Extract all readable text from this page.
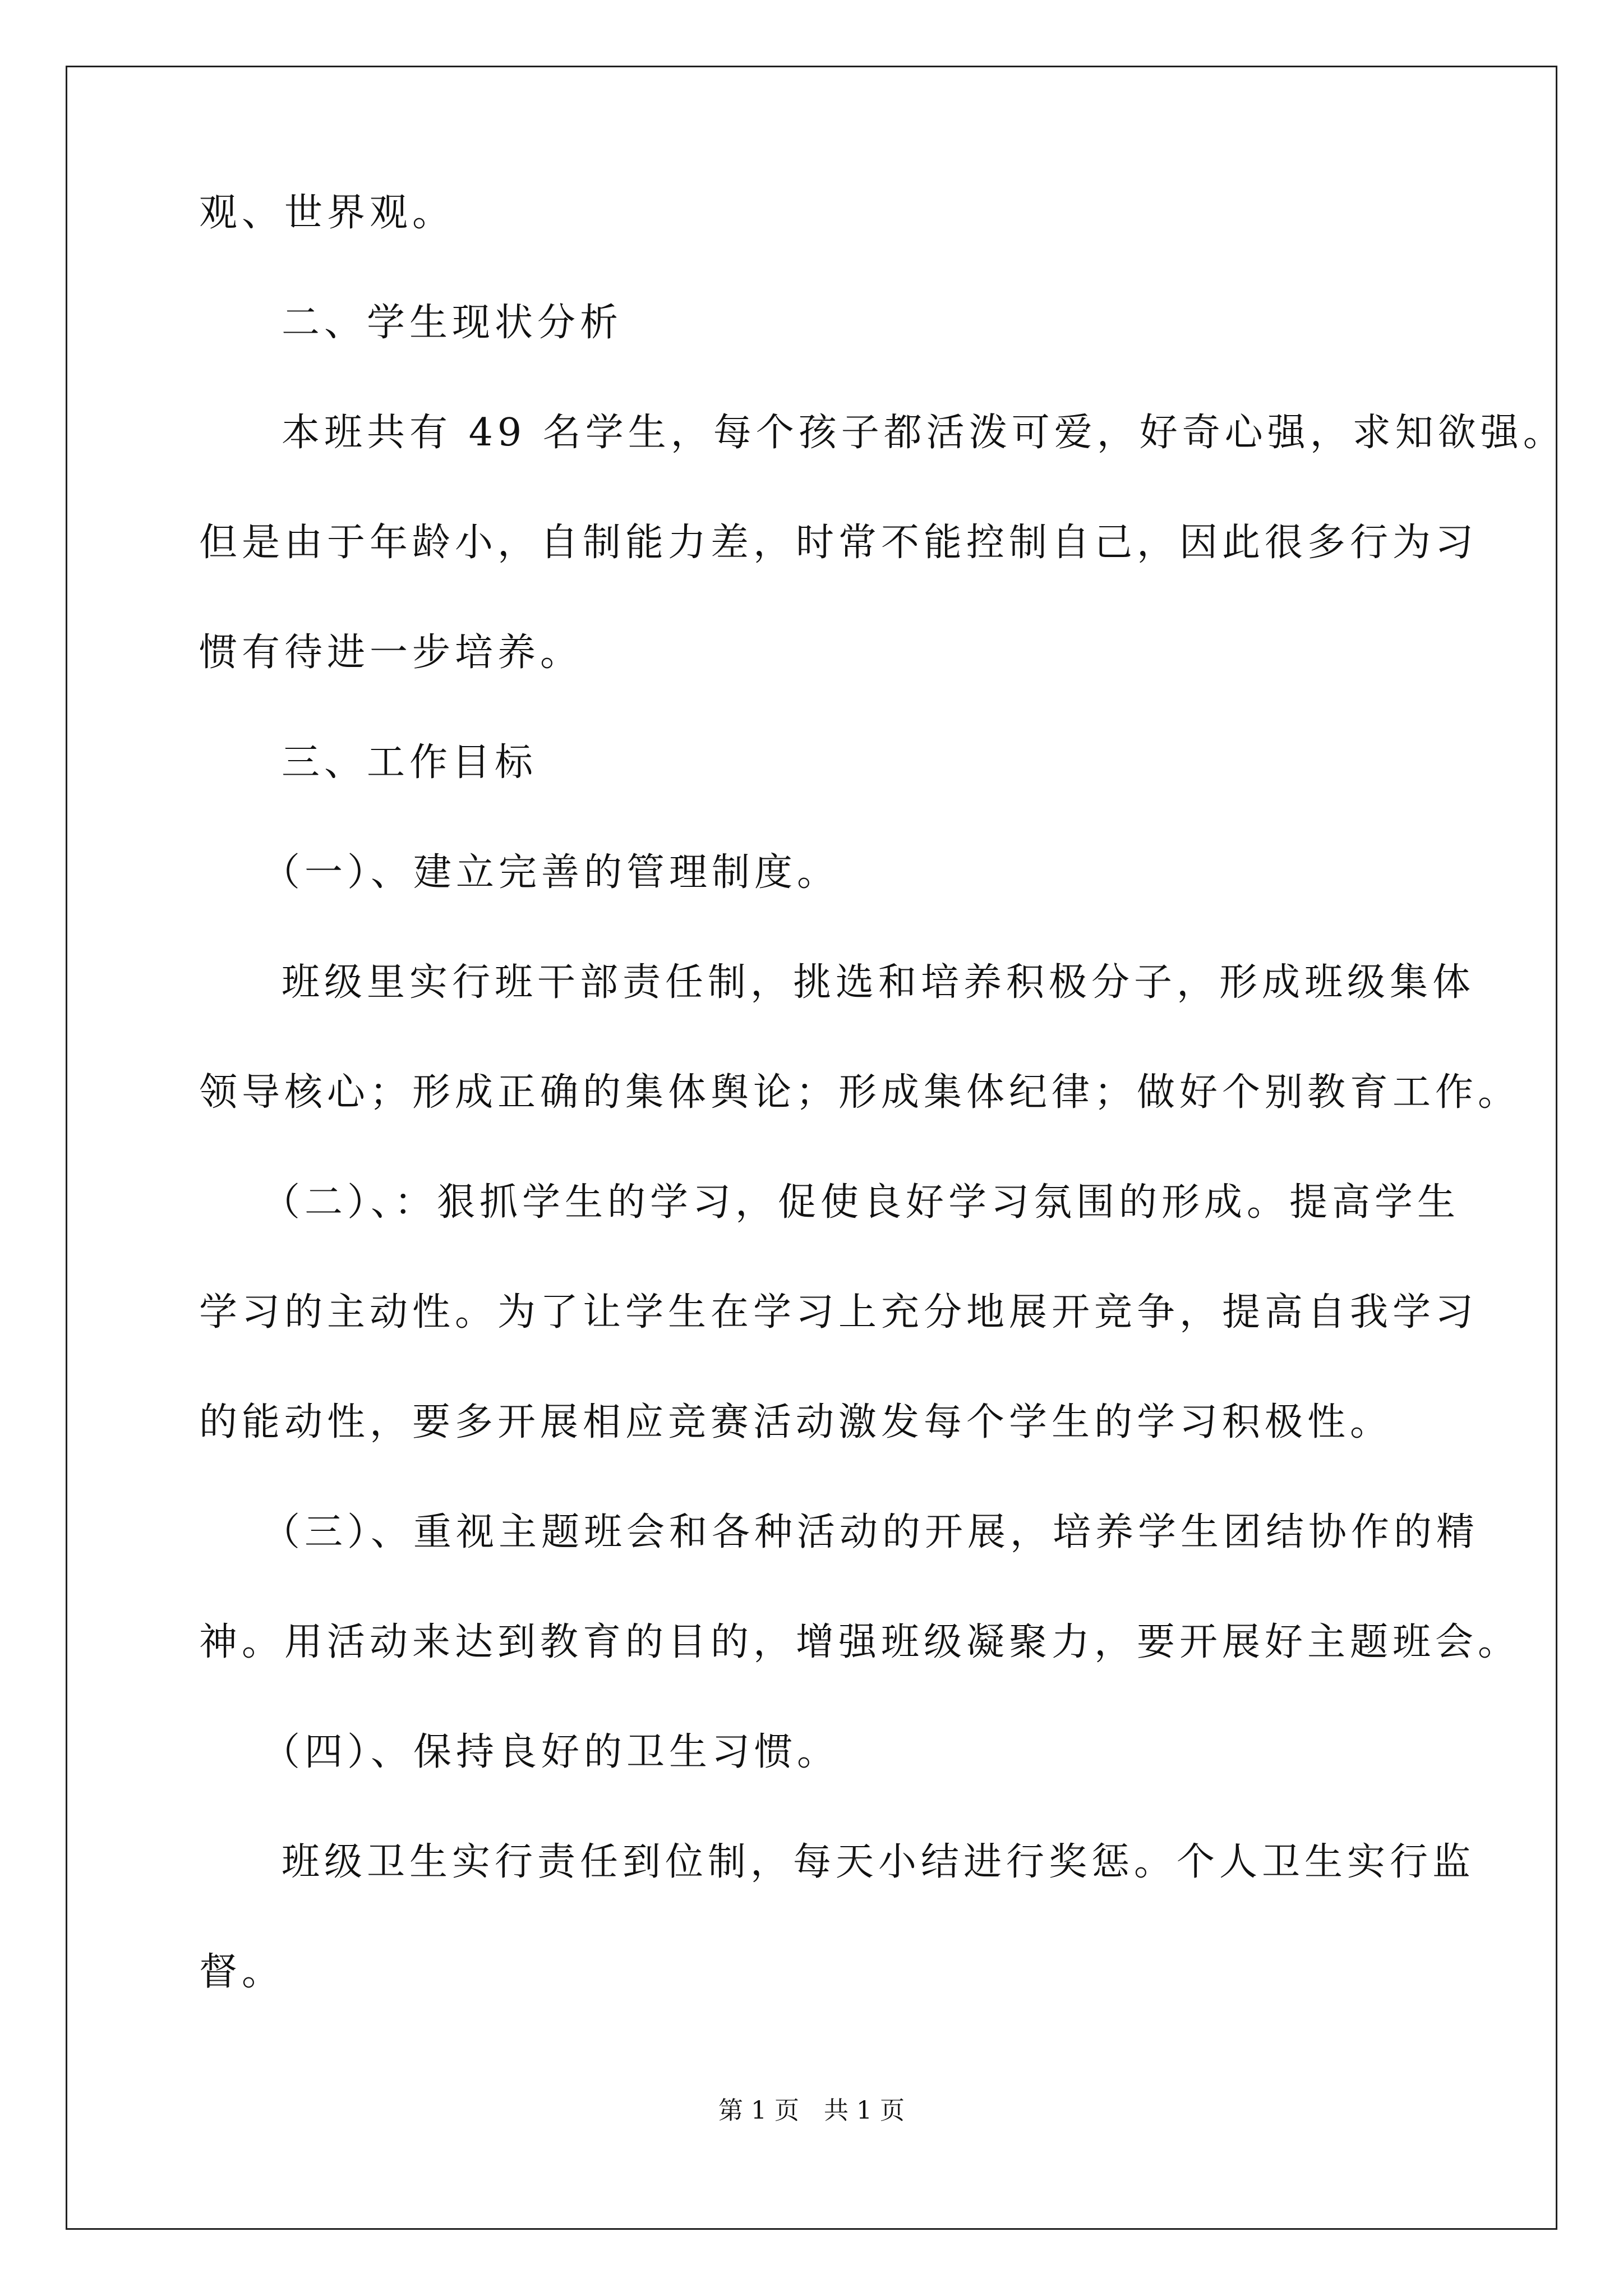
观、世界观。
二、学生现状分析
本班共有 49 名学生，每个孩子都活泼可爱，好奇心强，求知欲强。
但是由于年龄小，自制能力差，时常不能控制自己，因此很多行为习
惯有待进一步培养。
三、工作目标
（一）、建立完善的管理制度。
班级里实行班干部责任制，挑选和培养积极分子，形成班级集体
领导核心；形成正确的集体舆论；形成集体纪律；做好个别教育工作。
（二）、：狠抓学生的学习，促使良好学习氛围的形成。提高学生
学习的主动性。为了让学生在学习上充分地展开竞争，提高自我学习
的能动性，要多开展相应竞赛活动激发每个学生的学习积极性。
（三）、重视主题班会和各种活动的开展，培养学生团结协作的精
神。用活动来达到教育的目的，增强班级凝聚力，要开展好主题班会。
（四）、保持良好的卫生习惯。
班级卫生实行责任到位制，每天小结进行奖惩。个人卫生实行监
督。
第 1 页　共 1 页
